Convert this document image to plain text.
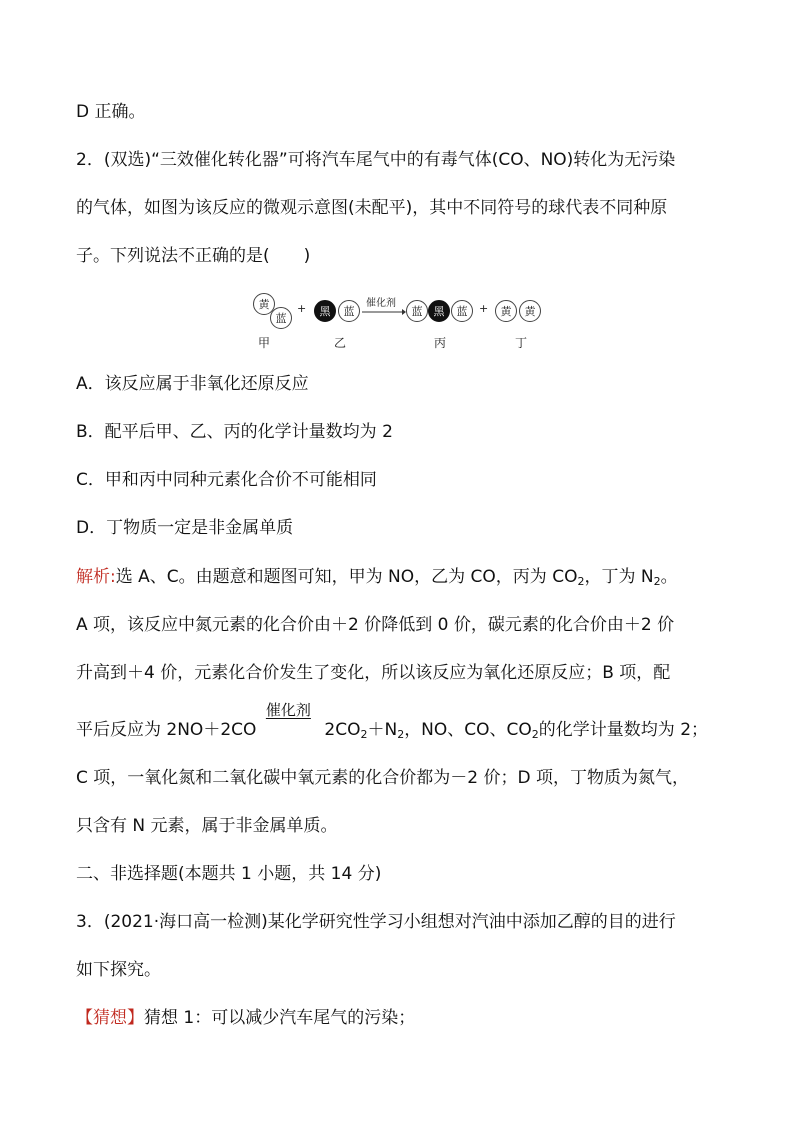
D 正确。
2．(双选)“三效催化转化器”可将汽车尾气中的有毒气体(CO、NO)转化为无污染
的气体，如图为该反应的微观示意图(未配平)，其中不同符号的球代表不同种原
子。下列说法不正确的是(　　)
黄
蓝
+	黑	蓝
催化剂
→ 蓝	黑	蓝	+	黄	黄
甲	乙	丙	丁
A．该反应属于非氧化还原反应
B．配平后甲、乙、丙的化学计量数均为 2
C．甲和丙中同种元素化合价不可能相同
D．丁物质一定是非金属单质
解析:选 A、C。由题意和题图可知，甲为 NO，乙为 CO，丙为 $CO_2$，丁为 $N_2$。
A 项，该反应中氮元素的化合价由＋2 价降低到 0 价，碳元素的化合价由＋2 价
升高到＋4 价，元素化合价发生了变化，所以该反应为氧化还原反应；B 项，配
平后反应为 2NO＋2CO
催化剂
$2CO_2+N_2$，NO、CO、$CO_2$的化学计量数均为 2；
C 项，一氧化氮和二氧化碳中氧元素的化合价都为－2 价；D 项，丁物质为氮气，
只含有 N 元素，属于非金属单质。
二、非选择题(本题共 1 小题，共 14 分)
3．(2021·海口高一检测)某化学研究性学习小组想对汽油中添加乙醇的目的进行
如下探究。
【猜想】猜想 1：可以减少汽车尾气的污染；
